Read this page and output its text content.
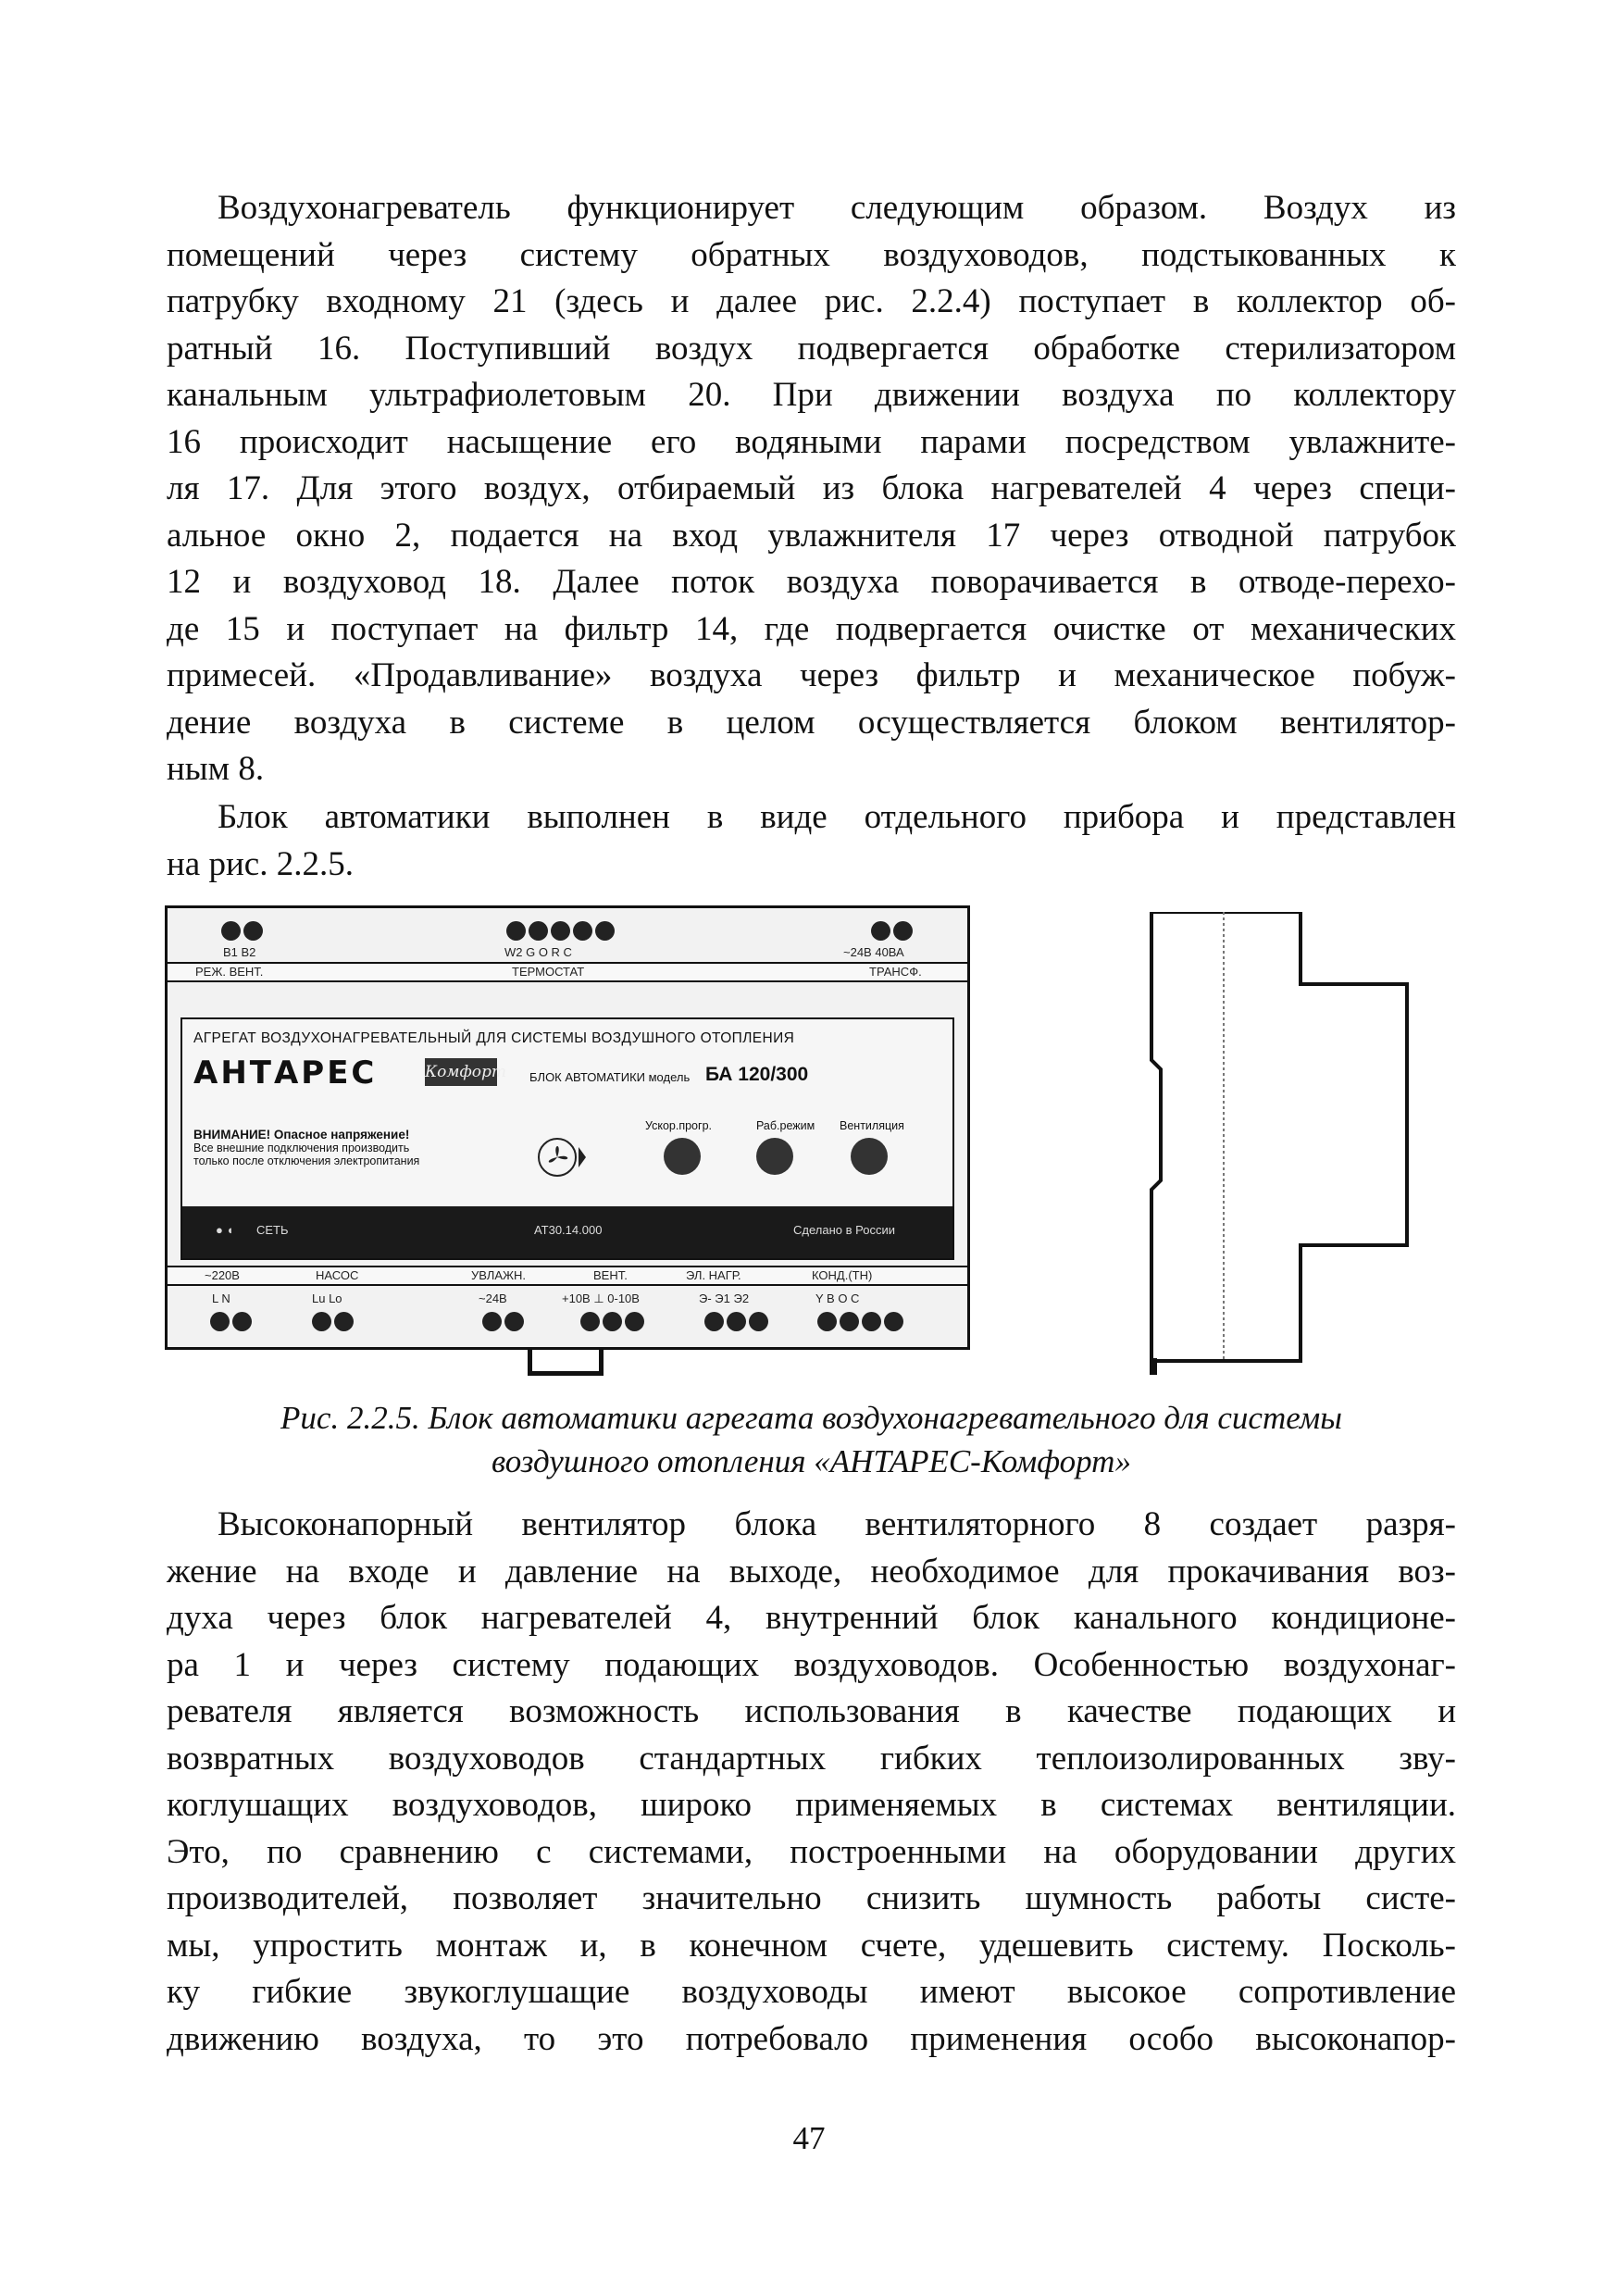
Воздухонагреватель функционирует следующим образом. Воздух из
помещений через систему обратных воздуховодов, подстыкованных к
патрубку входному 21 (здесь и далее рис. 2.2.4) поступает в коллектор об-
ратный 16. Поступивший воздух подвергается обработке стерилизатором
канальным ультрафиолетовым 20. При движении воздуха по коллектору
16 происходит насыщение его водяными парами посредством увлажните-
ля 17. Для этого воздух, отбираемый из блока нагревателей 4 через специ-
альное окно 2, подается на вход увлажнителя 17 через отводной патрубок
12 и воздуховод 18. Далее поток воздуха поворачивается в отводе-перехо-
де 15 и поступает на фильтр 14, где подвергается очистке от механических
примесей. «Продавливание» воздуха через фильтр и механическое побуж-
дение воздуха в системе в целом осуществляется блоком вентилятор-
ным 8.
Блок автоматики выполнен в виде отдельного прибора и представлен
на рис. 2.2.5.
B1 B2	W2 G O R C	~24В 40ВА
РЕЖ. ВЕНТ.	ТЕРМОСТАТ	ТРАНСФ.
АГРЕГАТ ВОЗДУХОНАГРЕВАТЕЛЬНЫЙ ДЛЯ СИСТЕМЫ ВОЗДУШНОГО ОТОПЛЕНИЯ
АНТАРЕС	Комфорт БЛОК АВТОМАТИКИ модель БА 120/300
ВНИМАНИЕ! Опасное напряжение!
Все внешние подключения производить
только после отключения электропитания
Ускор.прогр.	Раб.режим Вентиляция
● ◖ СЕТЬ	АТ30.14.000	Сделано в России
~220В	НАСОС	УВЛАЖН.	ВЕНТ.	ЭЛ. НАГР.	КОНД.(ТН)
L N	Lu Lo	~24В	+10В ⊥ 0-10В	Э- Э1 Э2	Y B O C
Рис. 2.2.5. Блок автоматики агрегата воздухонагревательного для системы
воздушного отопления «АНТАРЕС-Комфорт»
Высоконапорный вентилятор блока вентиляторного 8 создает разря-
жение на входе и давление на выходе, необходимое для прокачивания воз-
духа через блок нагревателей 4, внутренний блок канального кондиционе-
ра 1 и через систему подающих воздуховодов. Особенностью воздухонаг-
ревателя является возможность использования в качестве подающих и
возвратных воздуховодов стандартных гибких теплоизолированных зву-
коглушащих воздуховодов, широко применяемых в системах вентиляции.
Это, по сравнению с системами, построенными на оборудовании других
производителей, позволяет значительно снизить шумность работы систе-
мы, упростить монтаж и, в конечном счете, удешевить систему. Посколь-
ку гибкие звукоглушащие воздуховоды имеют высокое сопротивление
движению воздуха, то это потребовало применения особо высоконапор-
47
